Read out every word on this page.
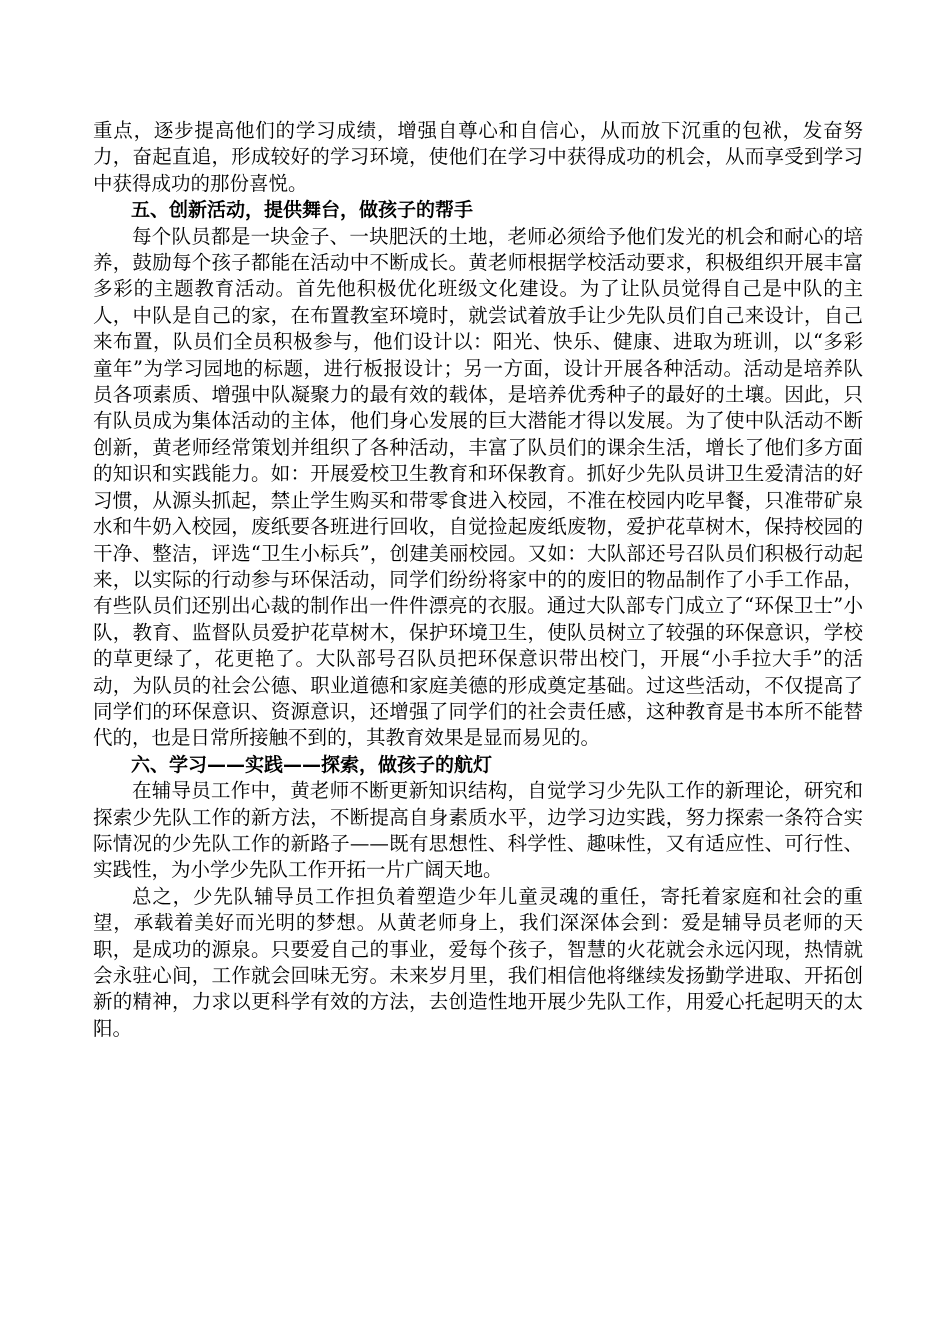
重点，逐步提高他们的学习成绩，增强自尊心和自信心，从而放下沉重的包袱，发奋努力，奋起直追，形成较好的学习环境，使他们在学习中获得成功的机会，从而享受到学习中获得成功的那份喜悦。

五、创新活动，提供舞台，做孩子的帮手

每个队员都是一块金子、一块肥沃的土地，老师必须给予他们发光的机会和耐心的培养，鼓励每个孩子都能在活动中不断成长。黄老师根据学校活动要求，积极组织开展丰富多彩的主题教育活动。首先他积极优化班级文化建设。为了让队员觉得自己是中队的主人，中队是自己的家，在布置教室环境时，就尝试着放手让少先队员们自己来设计，自己来布置，队员们全员积极参与，他们设计以：阳光、快乐、健康、进取为班训，以“多彩童年”为学习园地的标题，进行板报设计；另一方面，设计开展各种活动。活动是培养队员各项素质、增强中队凝聚力的最有效的载体，是培养优秀种子的最好的土壤。因此，只有队员成为集体活动的主体，他们身心发展的巨大潜能才得以发展。为了使中队活动不断创新，黄老师经常策划并组织了各种活动，丰富了队员们的课余生活，增长了他们多方面的知识和实践能力。如：开展爱校卫生教育和环保教育。抓好少先队员讲卫生爱清洁的好习惯，从源头抓起，禁止学生购买和带零食进入校园，不准在校园内吃早餐，只准带矿泉水和牛奶入校园，废纸要各班进行回收，自觉捡起废纸废物，爱护花草树木，保持校园的干净、整洁，评选“卫生小标兵”，创建美丽校园。又如：大队部还号召队员们积极行动起来，以实际的行动参与环保活动，同学们纷纷将家中的的废旧的物品制作了小手工作品，有些队员们还别出心裁的制作出一件件漂亮的衣服。通过大队部专门成立了“环保卫士”小队，教育、监督队员爱护花草树木，保护环境卫生，使队员树立了较强的环保意识，学校的草更绿了，花更艳了。大队部号召队员把环保意识带出校门，开展“小手拉大手”的活动，为队员的社会公德、职业道德和家庭美德的形成奠定基础。过这些活动，不仅提高了同学们的环保意识、资源意识，还增强了同学们的社会责任感，这种教育是书本所不能替代的，也是日常所接触不到的，其教育效果是显而易见的。

六、学习——实践——探索，做孩子的航灯

在辅导员工作中，黄老师不断更新知识结构，自觉学习少先队工作的新理论，研究和探索少先队工作的新方法，不断提高自身素质水平，边学习边实践，努力探索一条符合实际情况的少先队工作的新路子——既有思想性、科学性、趣味性，又有适应性、可行性、实践性，为小学少先队工作开拓一片广阔天地。

总之，少先队辅导员工作担负着塑造少年儿童灵魂的重任，寄托着家庭和社会的重望，承载着美好而光明的梦想。从黄老师身上，我们深深体会到：爱是辅导员老师的天职，是成功的源泉。只要爱自己的事业，爱每个孩子，智慧的火花就会永远闪现，热情就会永驻心间，工作就会回味无穷。未来岁月里，我们相信他将继续发扬勤学进取、开拓创新的精神，力求以更科学有效的方法，去创造性地开展少先队工作，用爱心托起明天的太阳。
